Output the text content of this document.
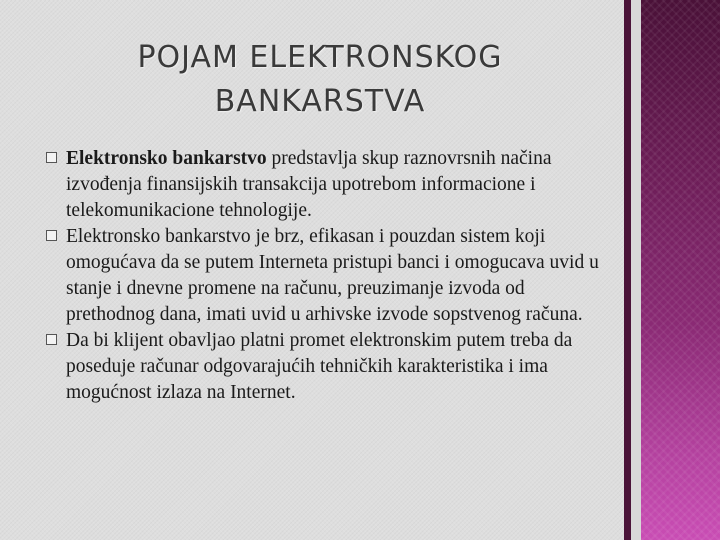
POJAM ELEKTRONSKOG
BANKARSTVA
Elektronsko bankarstvo predstavlja skup raznovrsnih načina izvođenja finansijskih transakcija upotrebom informacione i telekomunikacione tehnologije.
Elektronsko bankarstvo je brz, efikasan i pouzdan sistem koji omogućava da se putem Interneta pristupi banci i omogucava uvid u stanje i dnevne promene na računu, preuzimanje izvoda od prethodnog dana, imati uvid u arhivske izvode sopstvenog računa.
Da bi klijent obavljao platni promet elektronskim putem treba da poseduje računar odgovarajućih tehničkih karakteristika i ima mogućnost izlaza na Internet.
